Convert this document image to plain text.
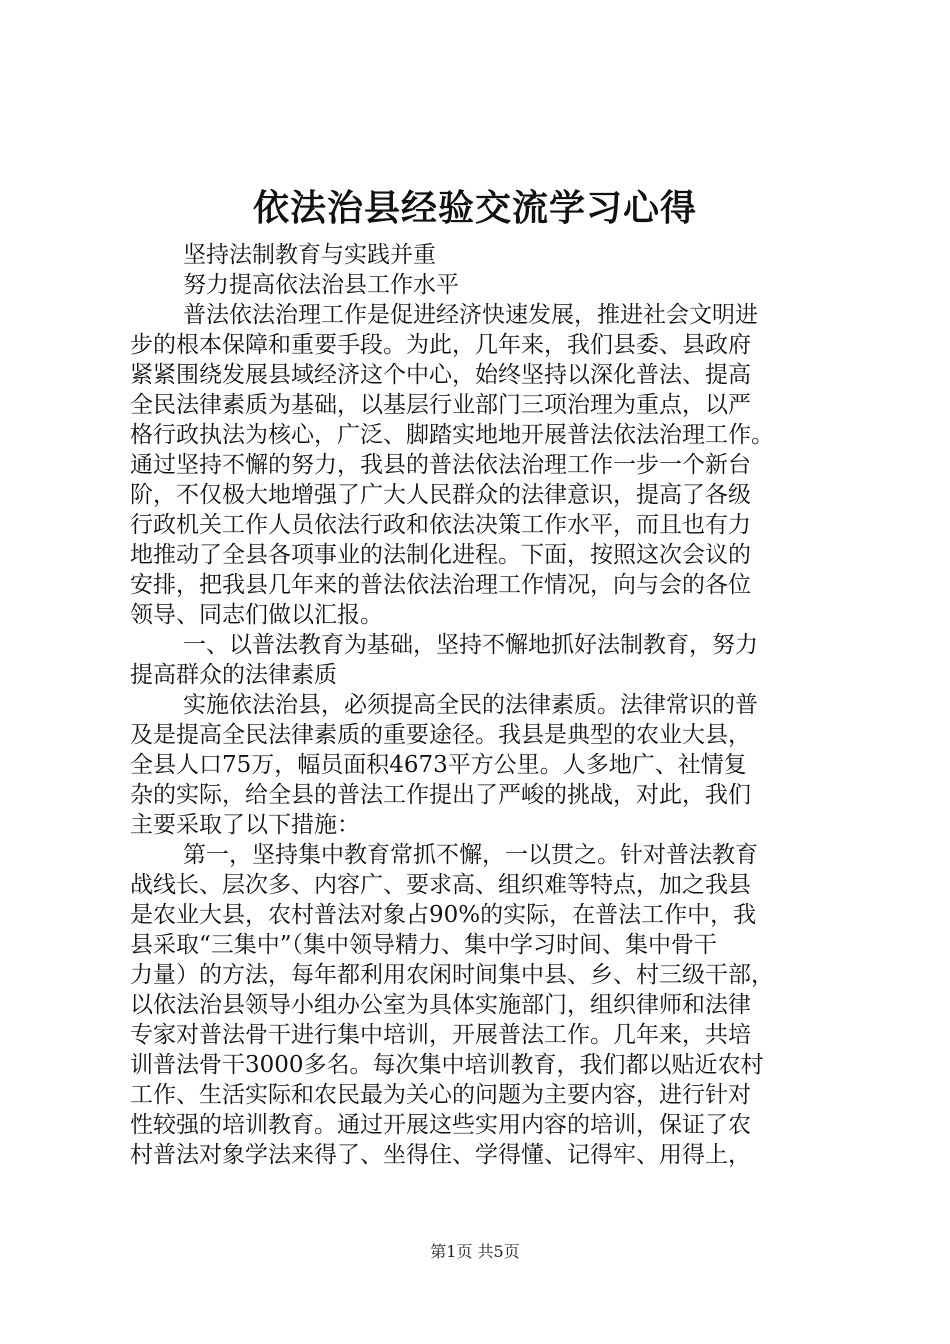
依法治县经验交流学习心得
坚持法制教育与实践并重
努力提高依法治县工作水平
普法依法治理工作是促进经济快速发展，推进社会文明进
步的根本保障和重要手段。为此，几年来，我们县委、县政府
紧紧围绕发展县域经济这个中心，始终坚持以深化普法、提高
全民法律素质为基础，以基层行业部门三项治理为重点，以严
格行政执法为核心，广泛、脚踏实地地开展普法依法治理工作。
通过坚持不懈的努力，我县的普法依法治理工作一步一个新台
阶，不仅极大地增强了广大人民群众的法律意识，提高了各级
行政机关工作人员依法行政和依法决策工作水平，而且也有力
地推动了全县各项事业的法制化进程。下面，按照这次会议的
安排，把我县几年来的普法依法治理工作情况，向与会的各位
领导、同志们做以汇报。
一、以普法教育为基础，坚持不懈地抓好法制教育，努力
提高群众的法律素质
实施依法治县，必须提高全民的法律素质。法律常识的普
及是提高全民法律素质的重要途径。我县是典型的农业大县，
全县人口75万，幅员面积4673平方公里。人多地广、社情复
杂的实际，给全县的普法工作提出了严峻的挑战，对此，我们
主要采取了以下措施：
第一，坚持集中教育常抓不懈，一以贯之。针对普法教育
战线长、层次多、内容广、要求高、组织难等特点，加之我县
是农业大县，农村普法对象占90%的实际，在普法工作中，我
县采取“三集中”（集中领导精力、集中学习时间、集中骨干
力量）的方法，每年都利用农闲时间集中县、乡、村三级干部，
以依法治县领导小组办公室为具体实施部门，组织律师和法律
专家对普法骨干进行集中培训，开展普法工作。几年来，共培
训普法骨干3000多名。每次集中培训教育，我们都以贴近农村
工作、生活实际和农民最为关心的问题为主要内容，进行针对
性较强的培训教育。通过开展这些实用内容的培训，保证了农
村普法对象学法来得了、坐得住、学得懂、记得牢、用得上，
第1页 共5页
